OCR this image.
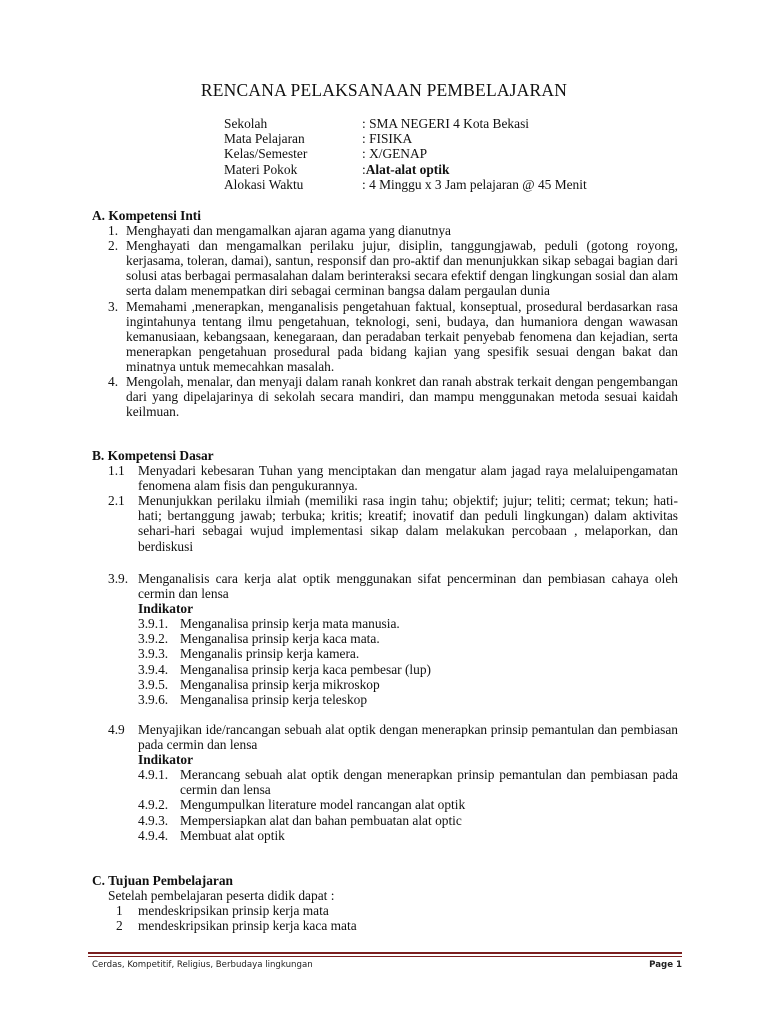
RENCANA PELAKSANAAN PEMBELAJARAN
Sekolah	: SMA NEGERI 4 Kota Bekasi
Mata Pelajaran	: FISIKA
Kelas/Semester	: X/GENAP
Materi Pokok	:Alat-alat optik
Alokasi Waktu	: 4 Minggu x 3 Jam pelajaran @ 45 Menit
A. Kompetensi Inti
1. Menghayati dan mengamalkan ajaran agama yang dianutnya
2. Menghayati dan mengamalkan perilaku jujur, disiplin, tanggungjawab, peduli (gotong royong, kerjasama, toleran, damai), santun, responsif dan pro-aktif dan menunjukkan sikap sebagai bagian dari solusi atas berbagai permasalahan dalam berinteraksi secara efektif dengan lingkungan sosial dan alam serta dalam menempatkan diri sebagai cerminan bangsa dalam pergaulan dunia
3. Memahami ,menerapkan, menganalisis pengetahuan faktual, konseptual, prosedural berdasarkan rasa ingintahunya tentang ilmu pengetahuan, teknologi, seni, budaya, dan humaniora dengan wawasan kemanusiaan, kebangsaan, kenegaraan, dan peradaban terkait penyebab fenomena dan kejadian, serta menerapkan pengetahuan prosedural pada bidang kajian yang spesifik sesuai dengan bakat dan minatnya untuk memecahkan masalah.
4. Mengolah, menalar, dan menyaji dalam ranah konkret dan ranah abstrak terkait dengan pengembangan dari yang dipelajarinya di sekolah secara mandiri, dan mampu menggunakan metoda sesuai kaidah keilmuan.
B. Kompetensi Dasar
1.1 Menyadari kebesaran Tuhan yang menciptakan dan mengatur alam jagad raya melaluipengamatan fenomena alam fisis dan pengukurannya.
2.1 Menunjukkan perilaku ilmiah (memiliki rasa ingin tahu; objektif; jujur; teliti; cermat; tekun; hati-hati; bertanggung jawab; terbuka; kritis; kreatif; inovatif dan peduli lingkungan) dalam aktivitas sehari-hari sebagai wujud implementasi sikap dalam melakukan percobaan , melaporkan, dan berdiskusi
3.9. Menganalisis cara kerja alat optik menggunakan sifat pencerminan dan pembiasan cahaya oleh cermin dan lensa
Indikator
3.9.1. Menganalisa prinsip kerja mata manusia.
3.9.2. Menganalisa prinsip kerja kaca mata.
3.9.3. Menganalis prinsip kerja kamera.
3.9.4. Menganalisa prinsip kerja kaca pembesar (lup)
3.9.5. Menganalisa prinsip kerja mikroskop
3.9.6. Menganalisa prinsip kerja teleskop
4.9 Menyajikan ide/rancangan sebuah alat optik dengan menerapkan prinsip pemantulan dan pembiasan pada cermin dan lensa
Indikator
4.9.1. Merancang sebuah alat optik dengan menerapkan prinsip pemantulan dan pembiasan pada cermin dan lensa
4.9.2. Mengumpulkan literature model rancangan alat optik
4.9.3. Mempersiapkan alat dan bahan pembuatan alat optic
4.9.4. Membuat alat optik
C. Tujuan Pembelajaran
Setelah pembelajaran peserta didik dapat :
1 mendeskripsikan prinsip kerja mata
2 mendeskripsikan prinsip kerja kaca mata
Cerdas, Kompetitif, Religius, Berbudaya lingkungan	Page 1
